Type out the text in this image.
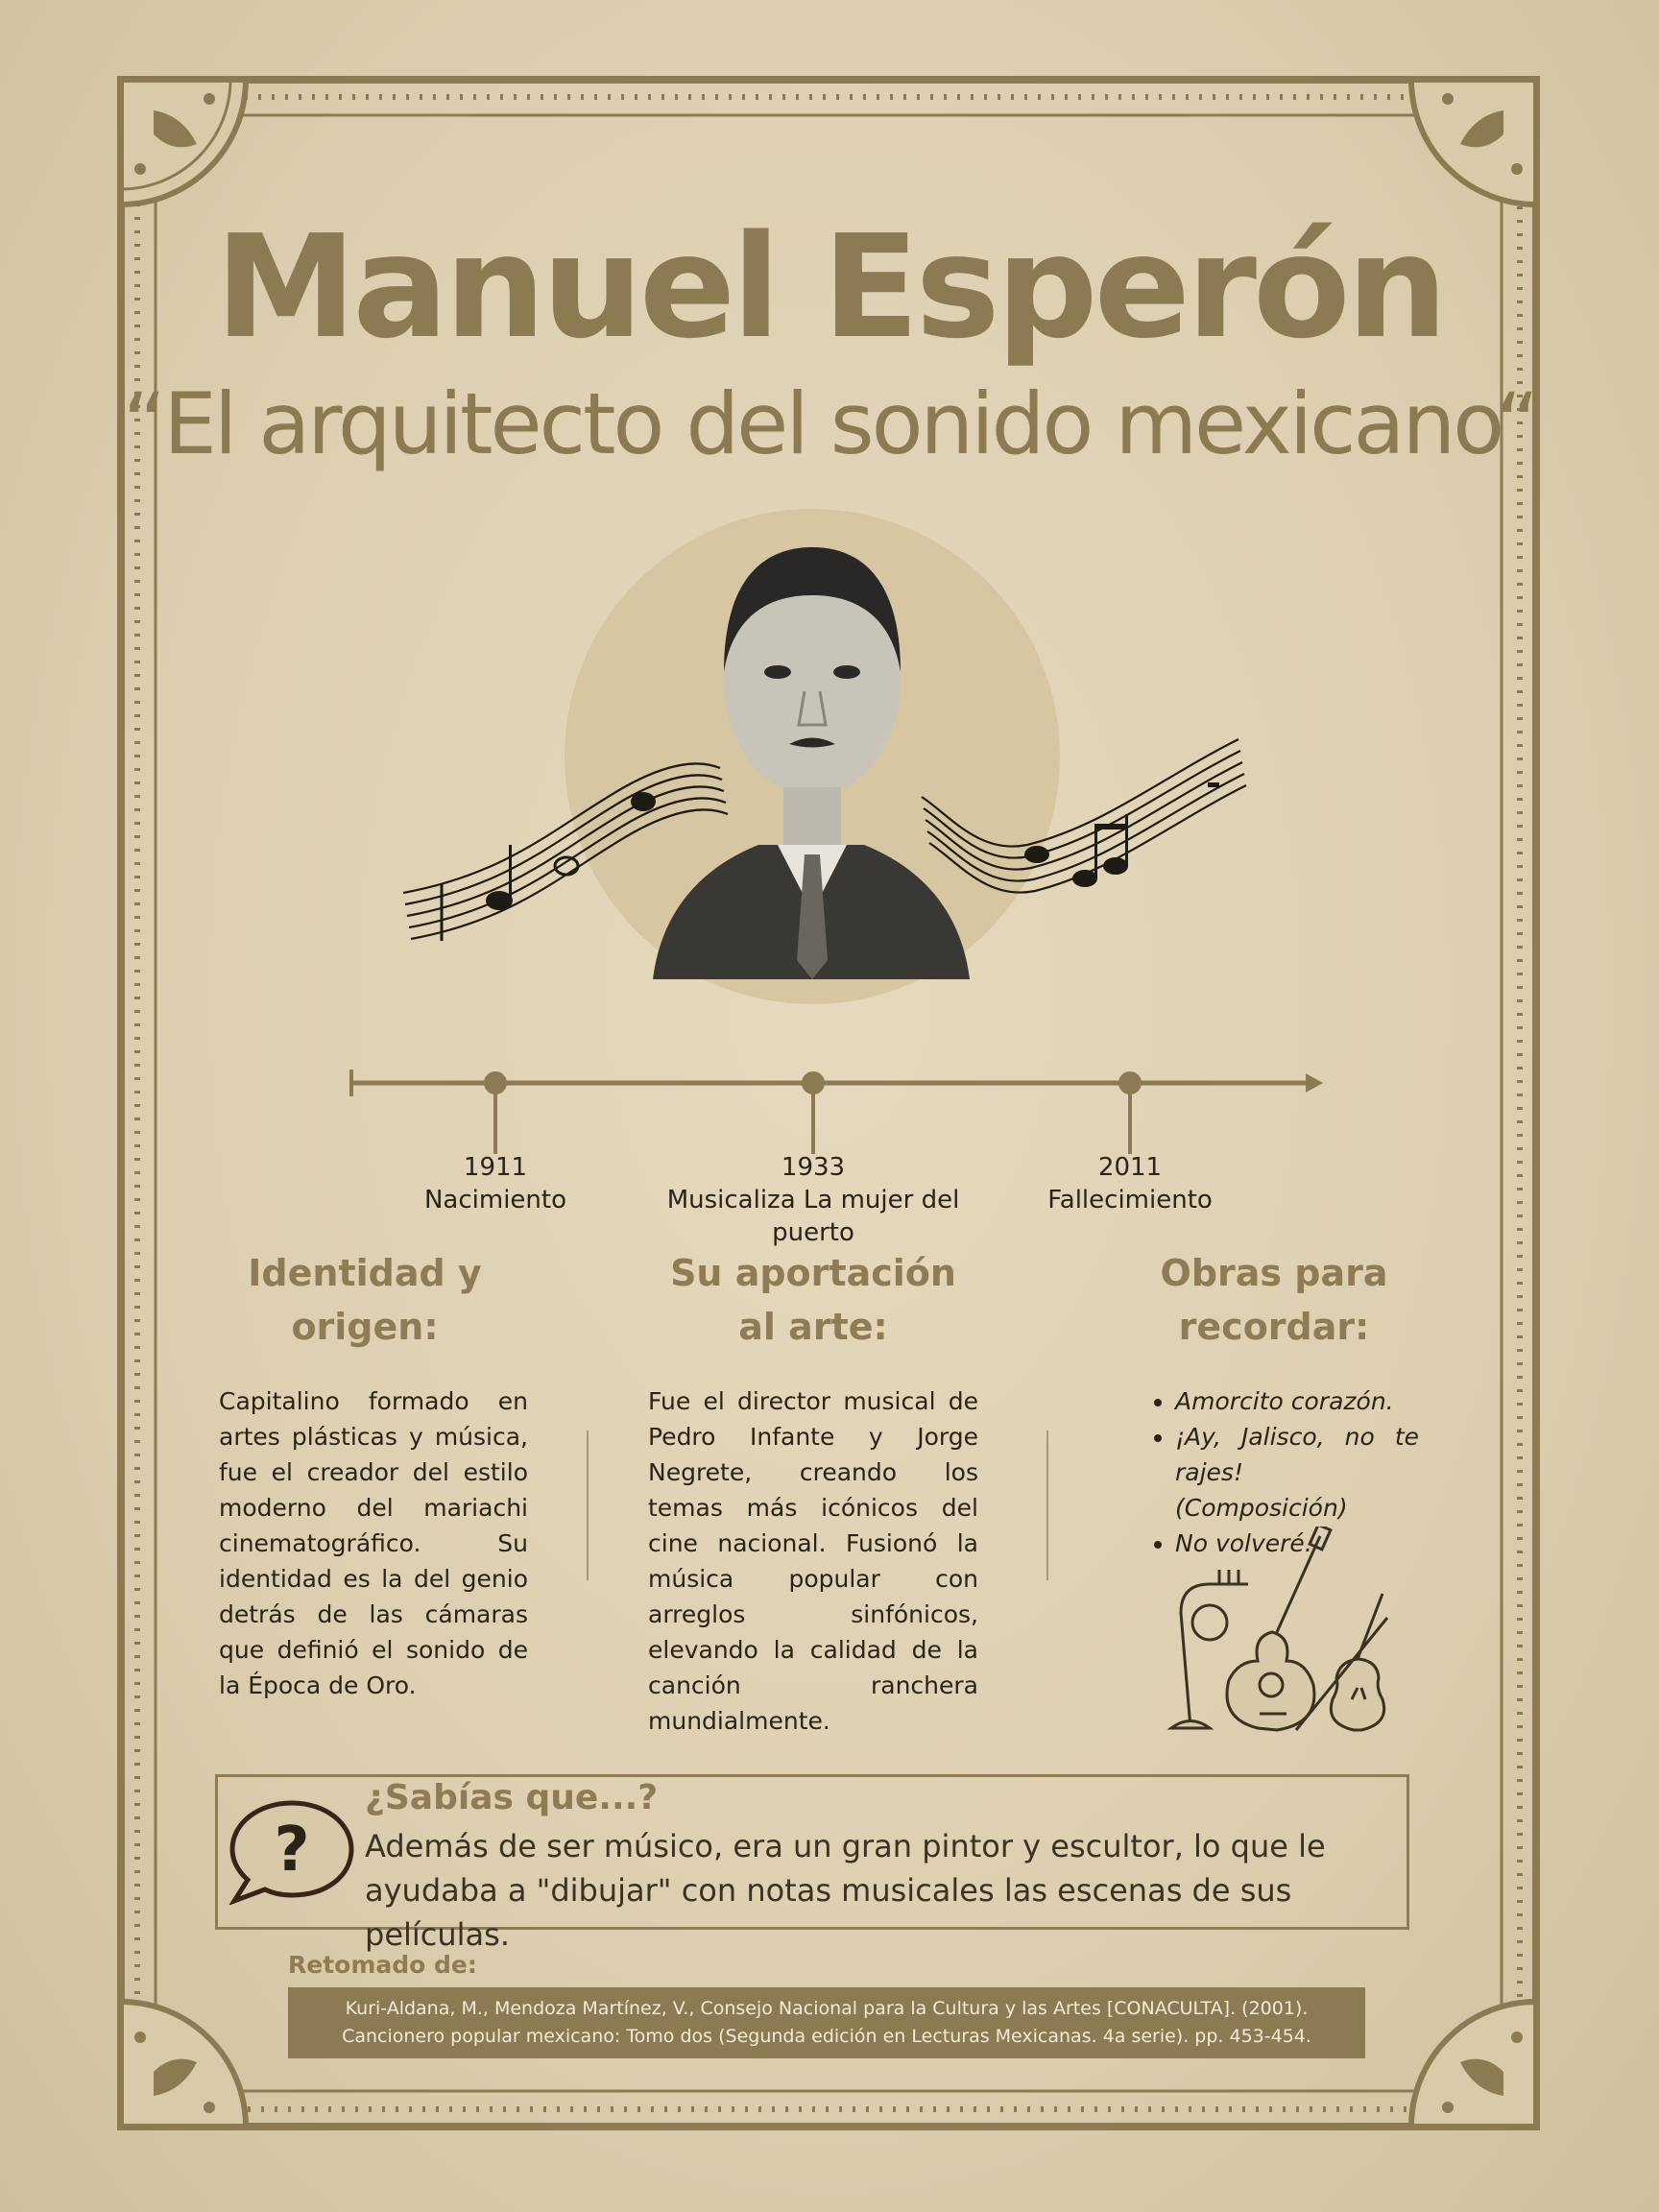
Manuel Esperón
“El arquitecto del sonido mexicano“
1911
Nacimiento
1933
Musicaliza La mujer del puerto
2011
Fallecimiento
Identidad y
origen:
Capitalino formado en artes plásticas y música, fue el creador del estilo moderno del mariachi cinematográfico. Su identidad es la del genio detrás de las cámaras que definió el sonido de la Época de Oro.
Su aportación
al arte:
Fue el director musical de Pedro Infante y Jorge Negrete, creando los temas más icónicos del cine nacional. Fusionó la música popular con arreglos sinfónicos, elevando la calidad de la canción ranchera mundialmente.
Obras para
recordar:
• Amorcito corazón.
• ¡Ay, Jalisco, no te rajes! (Composición)
• No volveré.
?
¿Sabías que...?
Además de ser músico, era un gran pintor y escultor, lo que le ayudaba a "dibujar" con notas musicales las escenas de sus películas.
Retomado de:
Kuri-Aldana, M., Mendoza Martínez, V., Consejo Nacional para la Cultura y las Artes [CONACULTA]. (2001). Cancionero popular mexicano: Tomo dos (Segunda edición en Lecturas Mexicanas. 4a serie). pp. 453-454.
